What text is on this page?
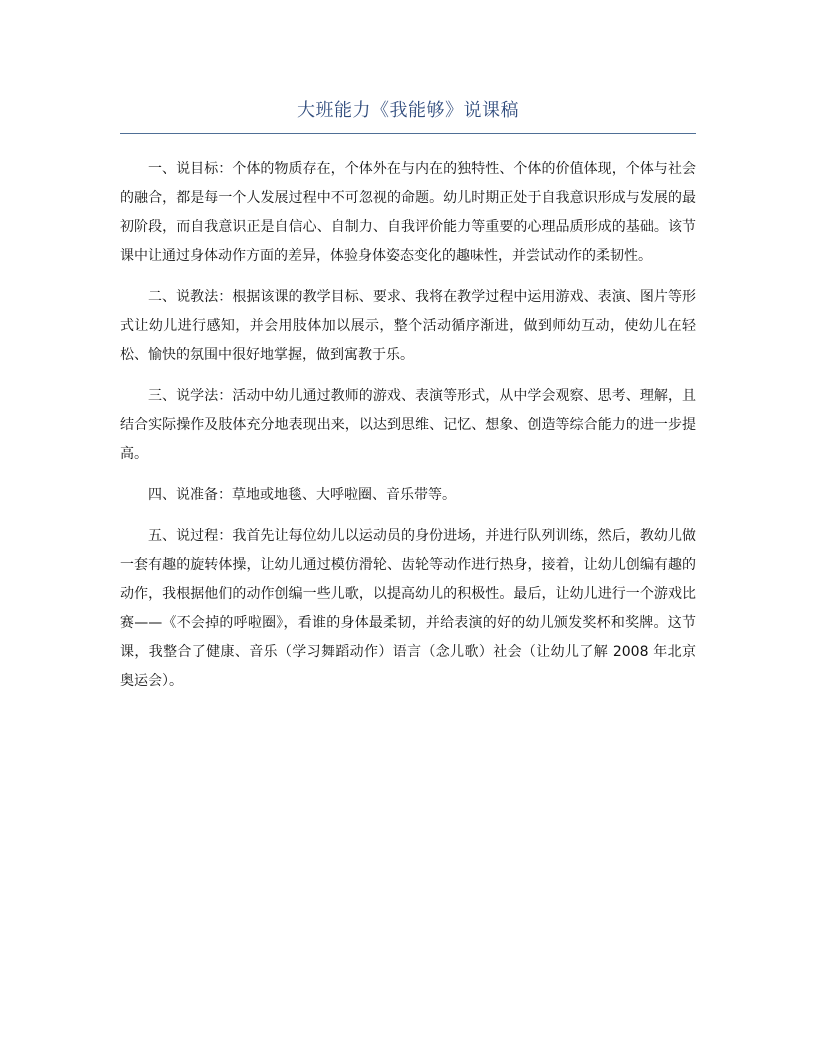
大班能力《我能够》说课稿

一、说目标：个体的物质存在，个体外在与内在的独特性、个体的价值体现，个体与社会的融合，都是每一个人发展过程中不可忽视的命题。幼儿时期正处于自我意识形成与发展的最初阶段，而自我意识正是自信心、自制力、自我评价能力等重要的心理品质形成的基础。该节课中让通过身体动作方面的差异，体验身体姿态变化的趣味性，并尝试动作的柔韧性。

二、说教法：根据该课的教学目标、要求、我将在教学过程中运用游戏、表演、图片等形式让幼儿进行感知，并会用肢体加以展示，整个活动循序渐进，做到师幼互动，使幼儿在轻松、愉快的氛围中很好地掌握，做到寓教于乐。

三、说学法：活动中幼儿通过教师的游戏、表演等形式，从中学会观察、思考、理解，且结合实际操作及肢体充分地表现出来，以达到思维、记忆、想象、创造等综合能力的进一步提高。

四、说准备：草地或地毯、大呼啦圈、音乐带等。

五、说过程：我首先让每位幼儿以运动员的身份进场，并进行队列训练，然后，教幼儿做一套有趣的旋转体操，让幼儿通过模仿滑轮、齿轮等动作进行热身，接着，让幼儿创编有趣的动作，我根据他们的动作创编一些儿歌，以提高幼儿的积极性。最后，让幼儿进行一个游戏比赛——《不会掉的呼啦圈》，看谁的身体最柔韧，并给表演的好的幼儿颁发奖杯和奖牌。这节课，我整合了健康、音乐（学习舞蹈动作）语言（念儿歌）社会（让幼儿了解 2008 年北京奥运会）。
